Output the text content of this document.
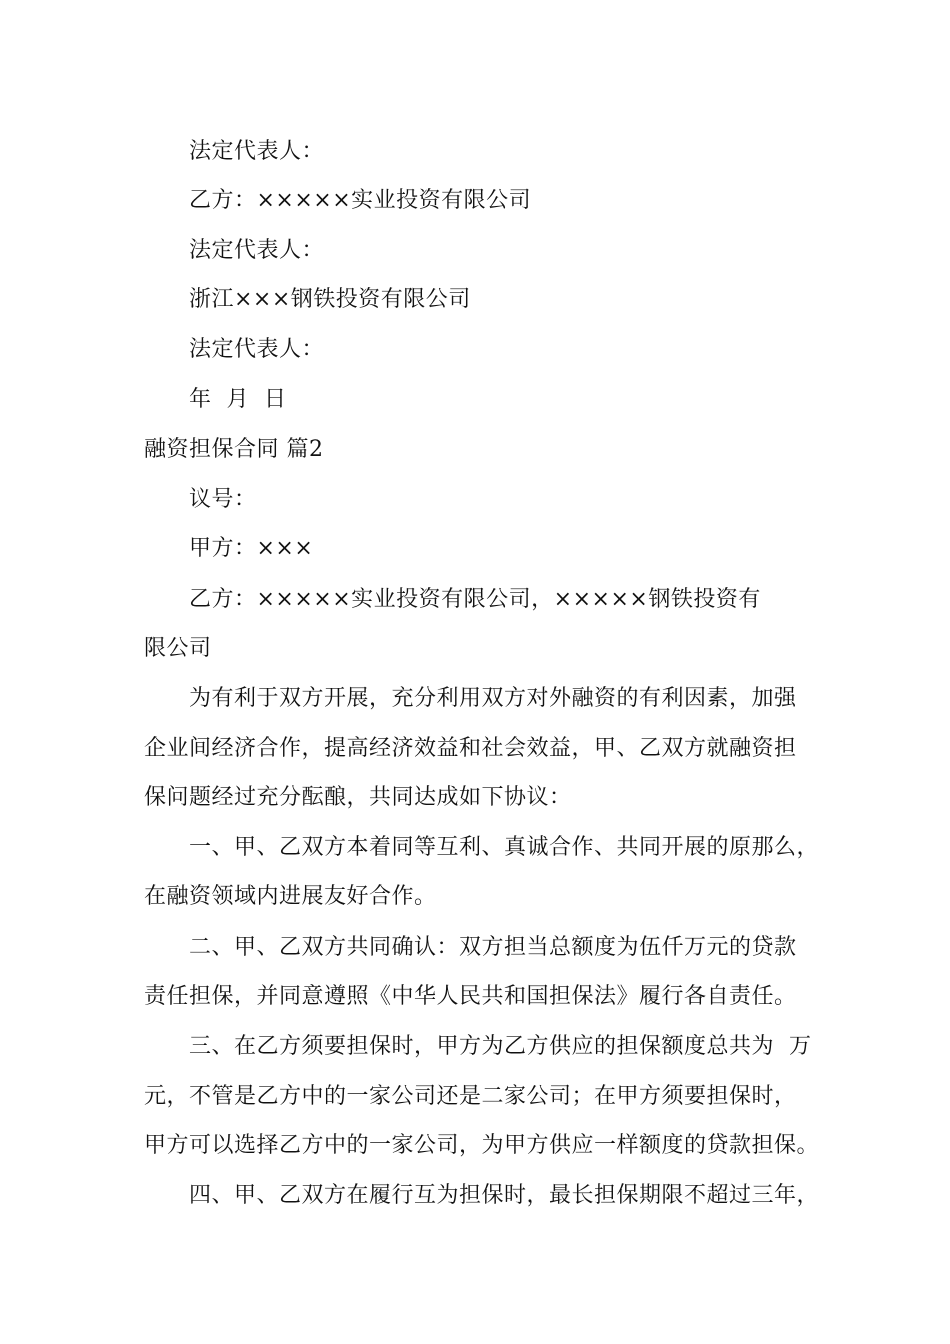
法定代表人：
乙方：×××××实业投资有限公司
法定代表人：
浙江×××钢铁投资有限公司
法定代表人：
年  月  日
融资担保合同 篇2
议号：
甲方：×××
乙方：×××××实业投资有限公司，×××××钢铁投资有
限公司
为有利于双方开展，充分利用双方对外融资的有利因素，加强
企业间经济合作，提高经济效益和社会效益，甲、乙双方就融资担
保问题经过充分酝酿，共同达成如下协议：
一、甲、乙双方本着同等互利、真诚合作、共同开展的原那么，
在融资领域内进展友好合作。
二、甲、乙双方共同确认：双方担当总额度为伍仟万元的贷款
责任担保，并同意遵照《中华人民共和国担保法》履行各自责任。
三、在乙方须要担保时，甲方为乙方供应的担保额度总共为  万
元，不管是乙方中的一家公司还是二家公司；在甲方须要担保时，
甲方可以选择乙方中的一家公司，为甲方供应一样额度的贷款担保。
四、甲、乙双方在履行互为担保时，最长担保期限不超过三年，
